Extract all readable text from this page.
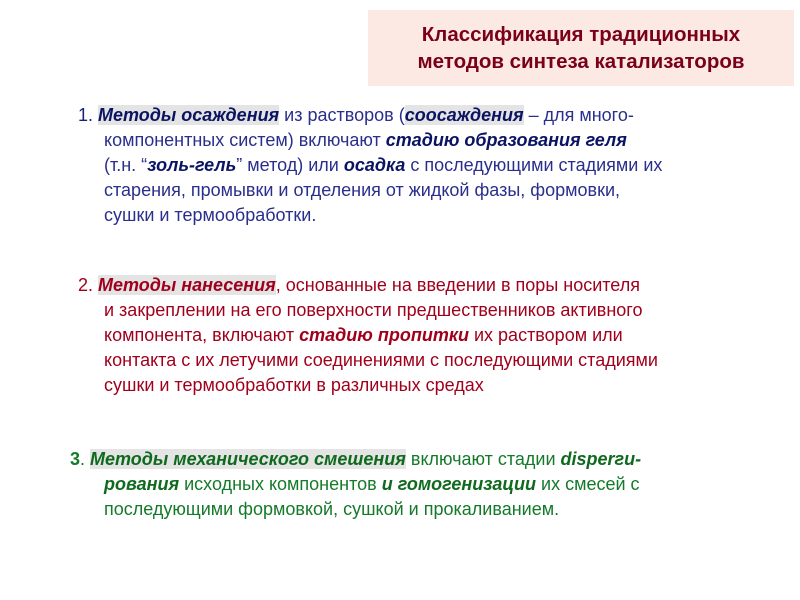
Классификация традиционных
методов синтеза катализаторов
1. Методы осаждения из растворов (соосаждения – для много-
компонентных систем) включают стадию образования геля
(т.н. “золь-гель” метод) или осадка с последующими стадиями их
старения, промывки и отделения от жидкой фазы, формовки,
сушки и термообработки.
2. Методы нанесения, основанные на введении в поры носителя
и закреплении на его поверхности предшественников активного
компонента, включают стадию пропитки их раствором или
контакта с их летучими соединениями с последующими стадиями
сушки и термообработки в различных средах
3. Методы механического смешения включают стадии disperги-
рования исходных компонентов и гомогенизации их смесей с
последующими формовкой, сушкой и прокаливанием.
